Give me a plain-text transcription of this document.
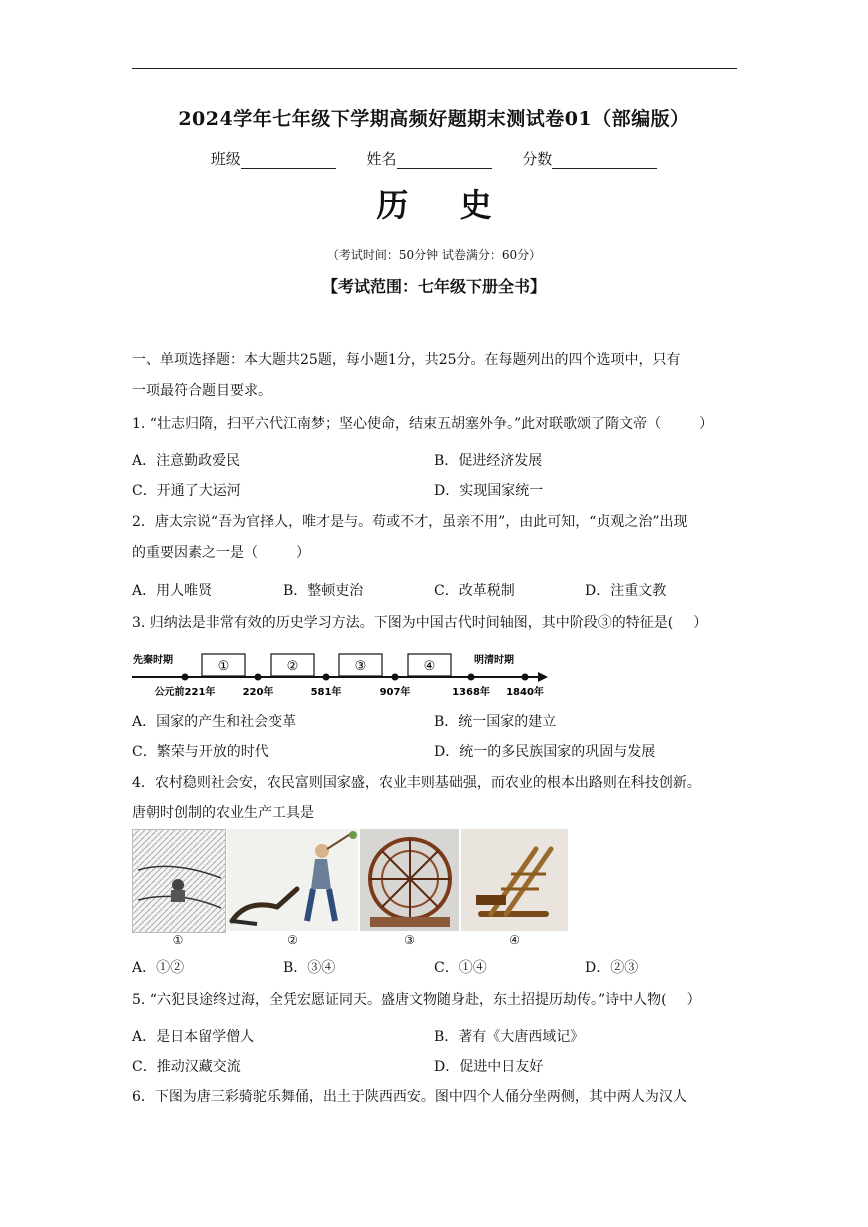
2024学年七年级下学期高频好题期末测试卷01（部编版）
班级	姓名	分数
历 史
（考试时间：50分钟 试卷满分：60分）
【考试范围：七年级下册全书】
一、单项选择题：本大题共25题，每小题1分，共25分。在每题列出的四个选项中，只有
一项最符合题目要求。
1. “壮志归隋，扫平六代江南梦；坚心使命，结束五胡塞外争。”此对联歌颂了隋文帝（	）
A．注意勤政爱民	B．促进经济发展
C．开通了大运河	D．实现国家统一
2．唐太宗说“吾为官择人，唯才是与。苟或不才，虽亲不用”，由此可知，“贞观之治”出现
的重要因素之一是（	）
A．用人唯贤	B．整顿吏治	C．改革税制	D．注重文教
3. 归纳法是非常有效的历史学习方法。下图为中国古代时间轴图，其中阶段③的特征是( ）
先秦时期	明清时期
①	②	③	④
公元前221年	220年	581年	907年	1368年 1840年
A．国家的产生和社会变革	B．统一国家的建立
C．繁荣与开放的时代	D．统一的多民族国家的巩固与发展
4．农村稳则社会安，农民富则国家盛，农业丰则基础强，而农业的根本出路则在科技创新。
唐朝时创制的农业生产工具是
①	②	③	④
A．①②	B．③④	C．①④	D．②③
5. “六犯艮途终过海，全凭宏愿证同天。盛唐文物随身赴，东土招提历劫传。”诗中人物( ）
A．是日本留学僧人	B．著有《大唐西域记》
C．推动汉藏交流	D．促进中日友好
6．下图为唐三彩骑驼乐舞俑，出土于陕西西安。图中四个人俑分坐两侧，其中两人为汉人
